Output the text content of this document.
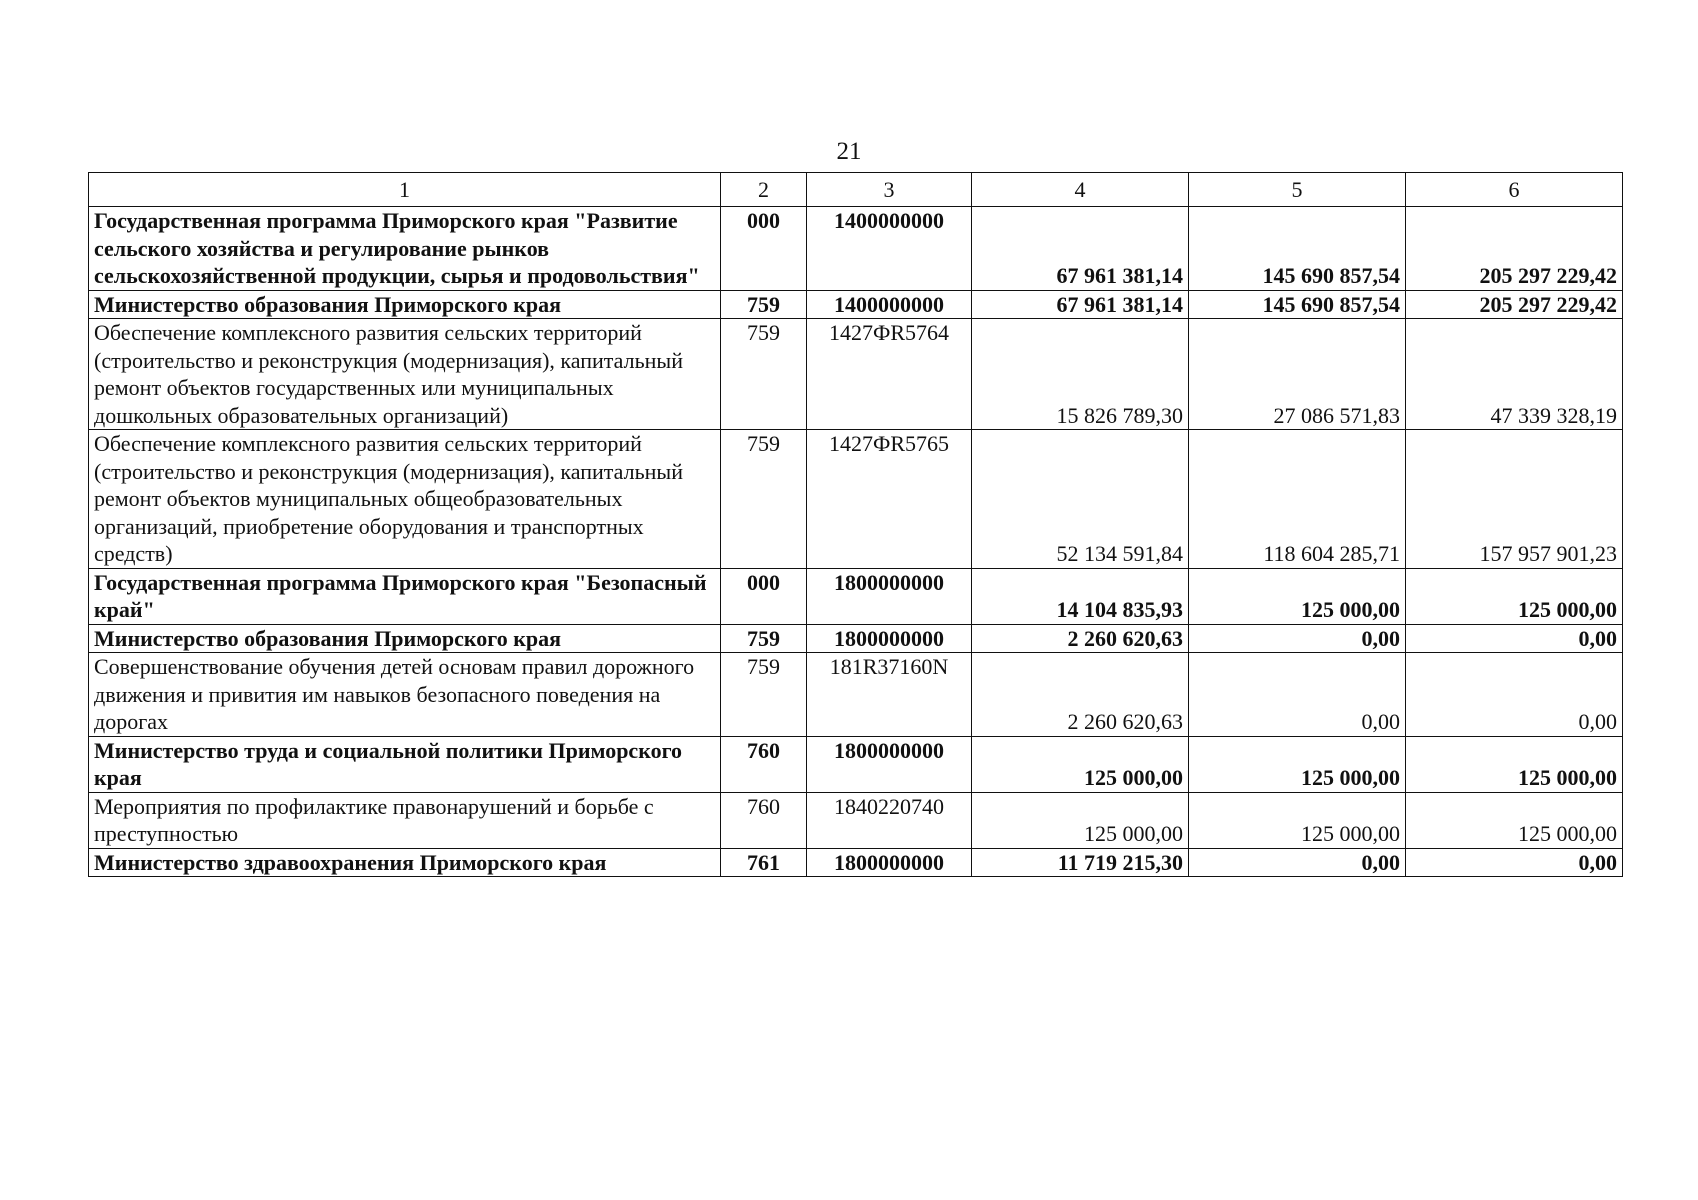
21
1	2	3	4	5	6
Государственная программа Приморского края "Развитие сельского хозяйства и регулирование рынков сельскохозяйственной продукции, сырья и продовольствия"	000	1400000000	67 961 381,14	145 690 857,54	205 297 229,42
Министерство образования Приморского края	759	1400000000	67 961 381,14	145 690 857,54	205 297 229,42
Обеспечение комплексного развития сельских территорий (строительство и реконструкция (модернизация), капитальный ремонт объектов государственных или муниципальных дошкольных образовательных организаций)	759	1427ФR5764	15 826 789,30	27 086 571,83	47 339 328,19
Обеспечение комплексного развития сельских территорий (строительство и реконструкция (модернизация), капитальный ремонт объектов муниципальных общеобразовательных организаций, приобретение оборудования и транспортных средств)	759	1427ФR5765	52 134 591,84	118 604 285,71	157 957 901,23
Государственная программа Приморского края "Безопасный край"	000	1800000000	14 104 835,93	125 000,00	125 000,00
Министерство образования Приморского края	759	1800000000	2 260 620,63	0,00	0,00
Совершенствование обучения детей основам правил дорожного движения и привития им навыков безопасного поведения на дорогах	759	181R37160N	2 260 620,63	0,00	0,00
Министерство труда и социальной политики Приморского края	760	1800000000	125 000,00	125 000,00	125 000,00
Мероприятия по профилактике правонарушений и борьбе с преступностью	760	1840220740	125 000,00	125 000,00	125 000,00
Министерство здравоохранения Приморского края	761	1800000000	11 719 215,30	0,00	0,00
